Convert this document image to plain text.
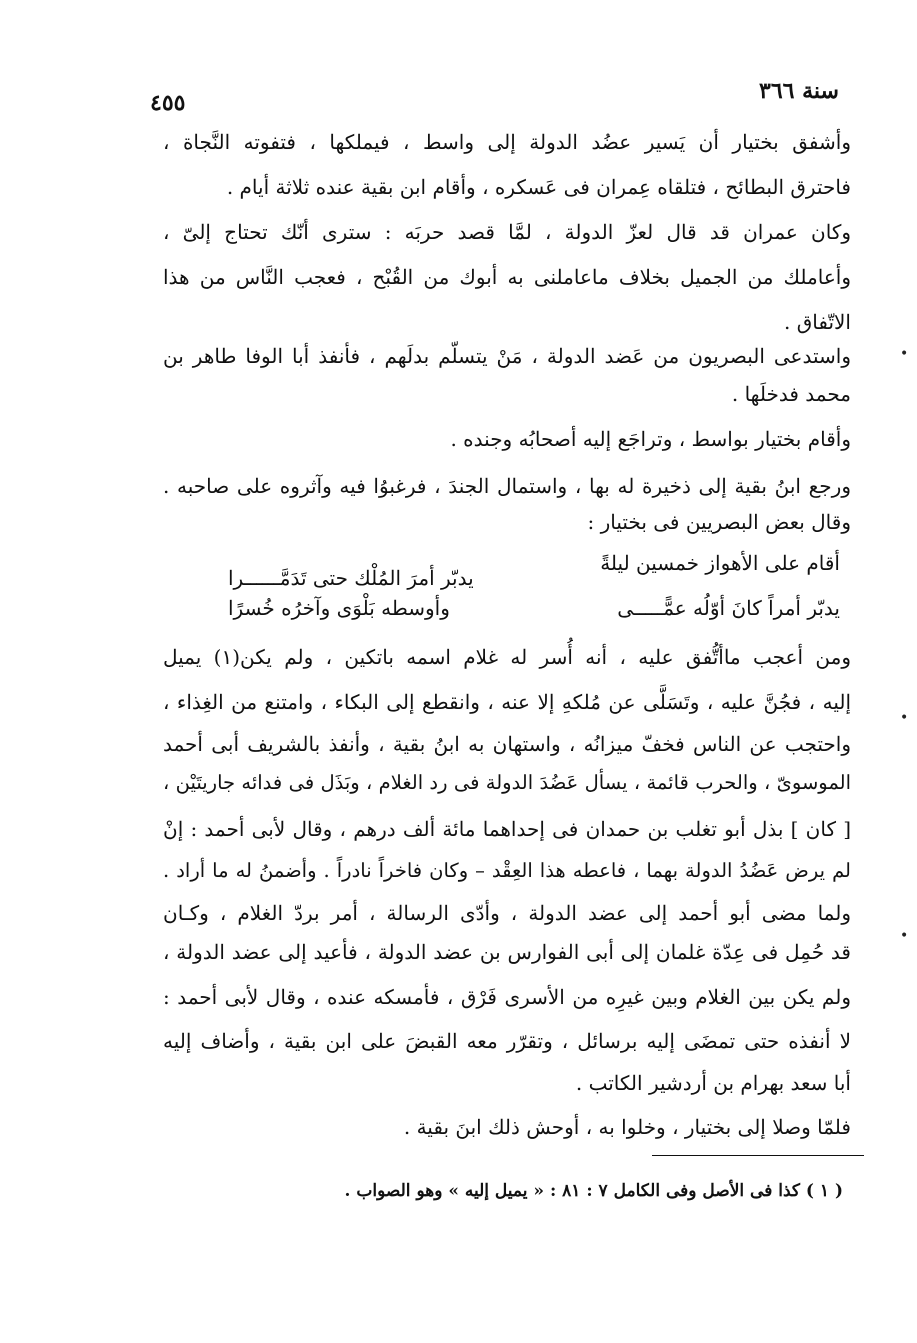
سنة ٣٦٦
٤٥٥
وأشفق بختيار أن يَسير عضُد الدولة إلى واسط ، فيملكها ، فتفوته النَّجاة ،
فاحترق البطائح ، فتلقاه عِمران فى عَسكره ، وأقام ابن بقية عنده ثلاثة أيام .
وكان عمران قد قال لعزّ الدولة ، لمَّا قصد حربَه : سترى أنّك تحتاج إلىّ ،
وأعاملك من الجميل بخلاف ماعاملنى به أبوك من القُبْح ، فعجب النَّاس من هذا
الاتّفاق .
واستدعى البصريون من عَضد الدولة ، مَنْ يتسلّم بدلَهم ، فأنفذ أبا الوفا طاهر بن
محمد فدخلَها .
وأقام بختيار بواسط ، وتراجَع إليه أصحابُه وجنده .
ورجع ابنُ بقية إلى ذخيرة له بها ، واستمال الجندَ ، فرغبوُا فيه وآثروه على صاحبه .
وقال بعض البصريين فى بختيار :
أقام على الأهواز خمسين ليلةً
يدبّر أمرَ المُلْك حتى تَدَمَّــــــرا
يدبّر أمراً كانَ أوّلُه عمًّـــــى
وأوسطه بَلْوَى وآخرُه خُسرًا
ومن أعجب ماأتُّفق عليه ، أنه أُسر له غلام اسمه باتكين ، ولم يكن(١) يميل
إليه ، فجُنَّ عليه ، وتَسَلَّى عن مُلكهِ إلا عنه ، وانقطع إلى البكاء ، وامتنع من الغِذاء ،
واحتجب عن الناس فخفّ ميزانُه ، واستهان به ابنُ بقية ، وأنفذ بالشريف أبى أحمد
الموسوىّ ، والحرب قائمة ، يسأل عَضُدَ الدولة فى رد الغلام ، وبَذَل فى فدائه جاريتَيْن ،
[ كان ] بذل أبو تغلب بن حمدان فى إحداهما مائة ألف درهم ، وقال لأبى أحمد : إنْ
لم يرض عَضُدُ الدولة بهما ، فاعطه هذا العِقْد – وكان فاخراً نادراً . وأضمنُ له ما أراد .
ولما مضى أبو أحمد إلى عضد الدولة ، وأدّى الرسالة ، أمر بردّ الغلام ، وكـان
قد حُمِل فى عِدّة غلمان إلى أبى الفوارس بن عضد الدولة ، فأعيد إلى عضد الدولة ،
ولم يكن بين الغلام وبين غيرِه من الأسرى فَرْق ، فأمسكه عنده ، وقال لأبى أحمد :
لا أنفذه حتى تمضَى إليه برسائل ، وتقرّر معه القبضَ على ابن بقية ، وأضاف إليه
أبا سعد بهرام بن أردشير الكاتب .
فلمّا وصلا إلى بختيار ، وخلوا به ، أوحش ذلك ابنَ بقية .
( ١ ) كذا فى الأصل وفى الكامل ٧ : ٨١ : « يميل إليه » وهو الصواب .
•
•
•
